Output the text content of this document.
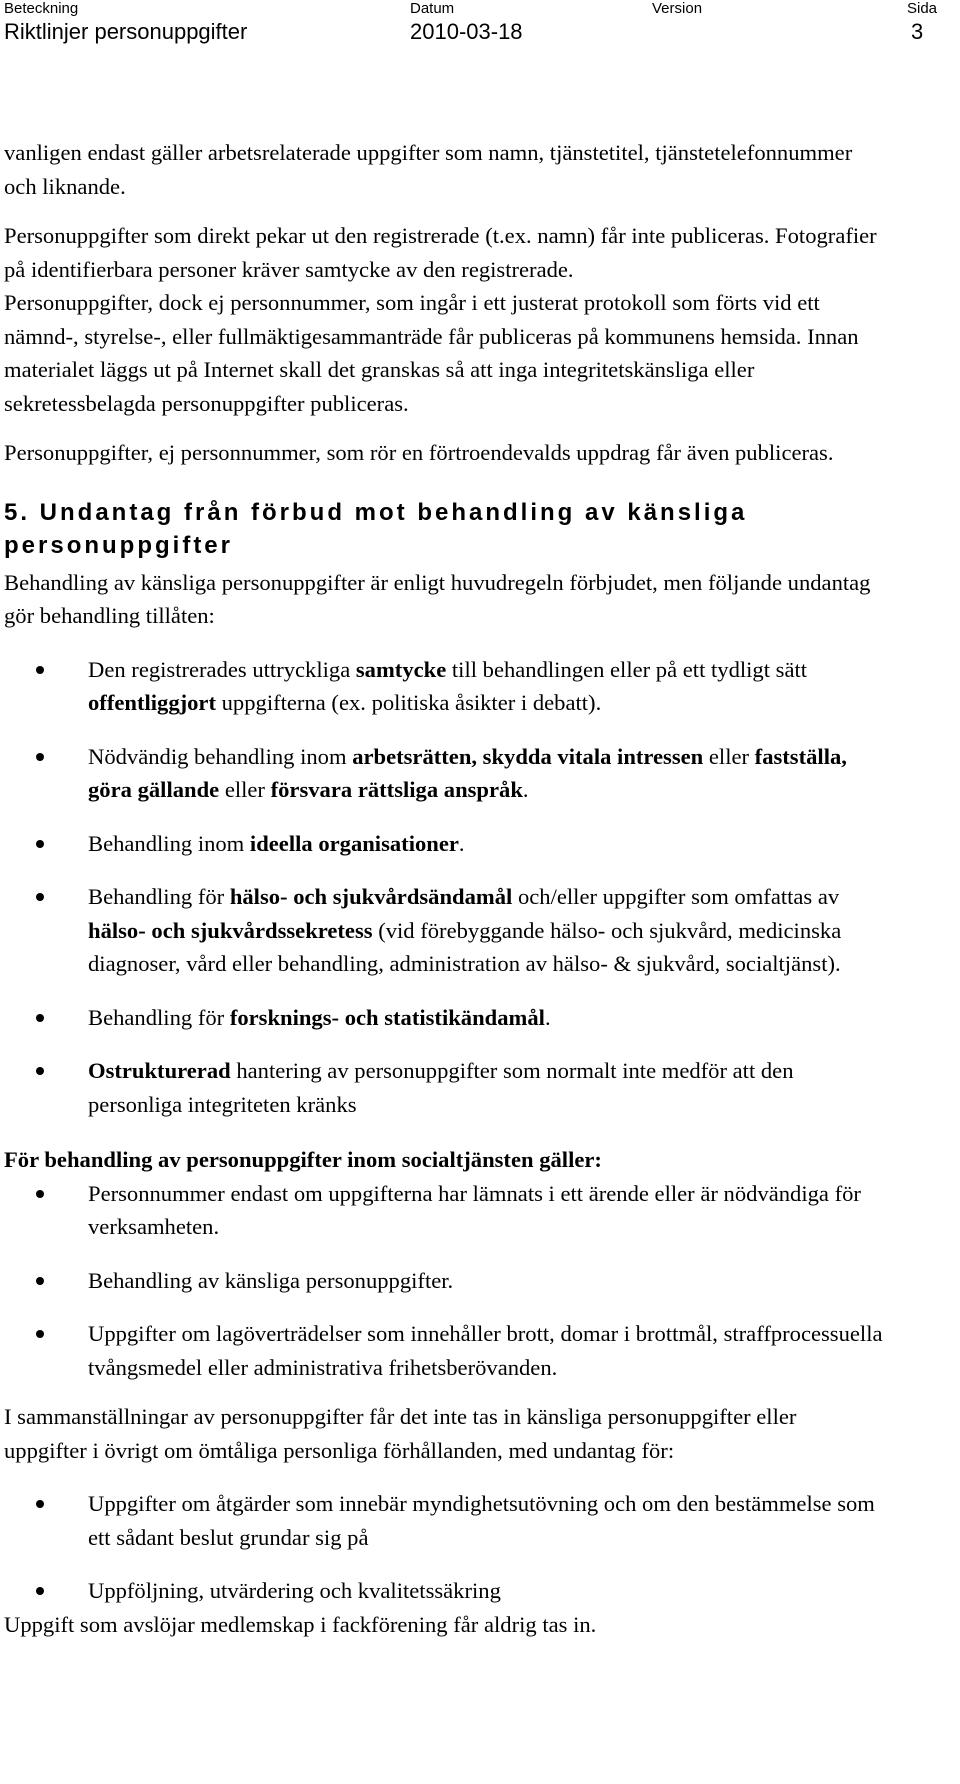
Beteckning
Riktlinjer personuppgifter
Datum
2010-03-18
Version	Sida
3

vanligen endast gäller arbetsrelaterade uppgifter som namn, tjänstetitel, tjänstetelefonnummer och liknande.

Personuppgifter som direkt pekar ut den registrerade (t.ex. namn) får inte publiceras. Fotografier på identifierbara personer kräver samtycke av den registrerade.

Personuppgifter, dock ej personnummer, som ingår i ett justerat protokoll som förts vid ett nämnd-, styrelse-, eller fullmäktigesammanträde får publiceras på kommunens hemsida. Innan materialet läggs ut på Internet skall det granskas så att inga integritetskänsliga eller sekretessbelagda personuppgifter publiceras.

Personuppgifter, ej personnummer, som rör en förtroendevalds uppdrag får även publiceras.

5. Undantag från förbud mot behandling av känsliga personuppgifter

Behandling av känsliga personuppgifter är enligt huvudregeln förbjudet, men följande undantag gör behandling tillåten:

Den registrerades uttryckliga samtycke till behandlingen eller på ett tydligt sätt offentliggjort uppgifterna (ex. politiska åsikter i debatt).
Nödvändig behandling inom arbetsrätten, skydda vitala intressen eller fastställa, göra gällande eller försvara rättsliga anspråk.
Behandling inom ideella organisationer.
Behandling för hälso- och sjukvårdsändamål och/eller uppgifter som omfattas av hälso- och sjukvårdssekretess (vid förebyggande hälso- och sjukvård, medicinska diagnoser, vård eller behandling, administration av hälso- & sjukvård, socialtjänst).
Behandling för forsknings- och statistikändamål.
Ostrukturerad hantering av personuppgifter som normalt inte medför att den personliga integriteten kränks

För behandling av personuppgifter inom socialtjänsten gäller:

Personnummer endast om uppgifterna har lämnats i ett ärende eller är nödvändiga för verksamheten.
Behandling av känsliga personuppgifter.
Uppgifter om lagöverträdelser som innehåller brott, domar i brottmål, straffprocessuella tvångsmedel eller administrativa frihetsberövanden.

I sammanställningar av personuppgifter får det inte tas in känsliga personuppgifter eller uppgifter i övrigt om ömtåliga personliga förhållanden, med undantag för:

Uppgifter om åtgärder som innebär myndighetsutövning och om den bestämmelse som ett sådant beslut grundar sig på
Uppföljning, utvärdering och kvalitetssäkring

Uppgift som avslöjar medlemskap i fackförening får aldrig tas in.
